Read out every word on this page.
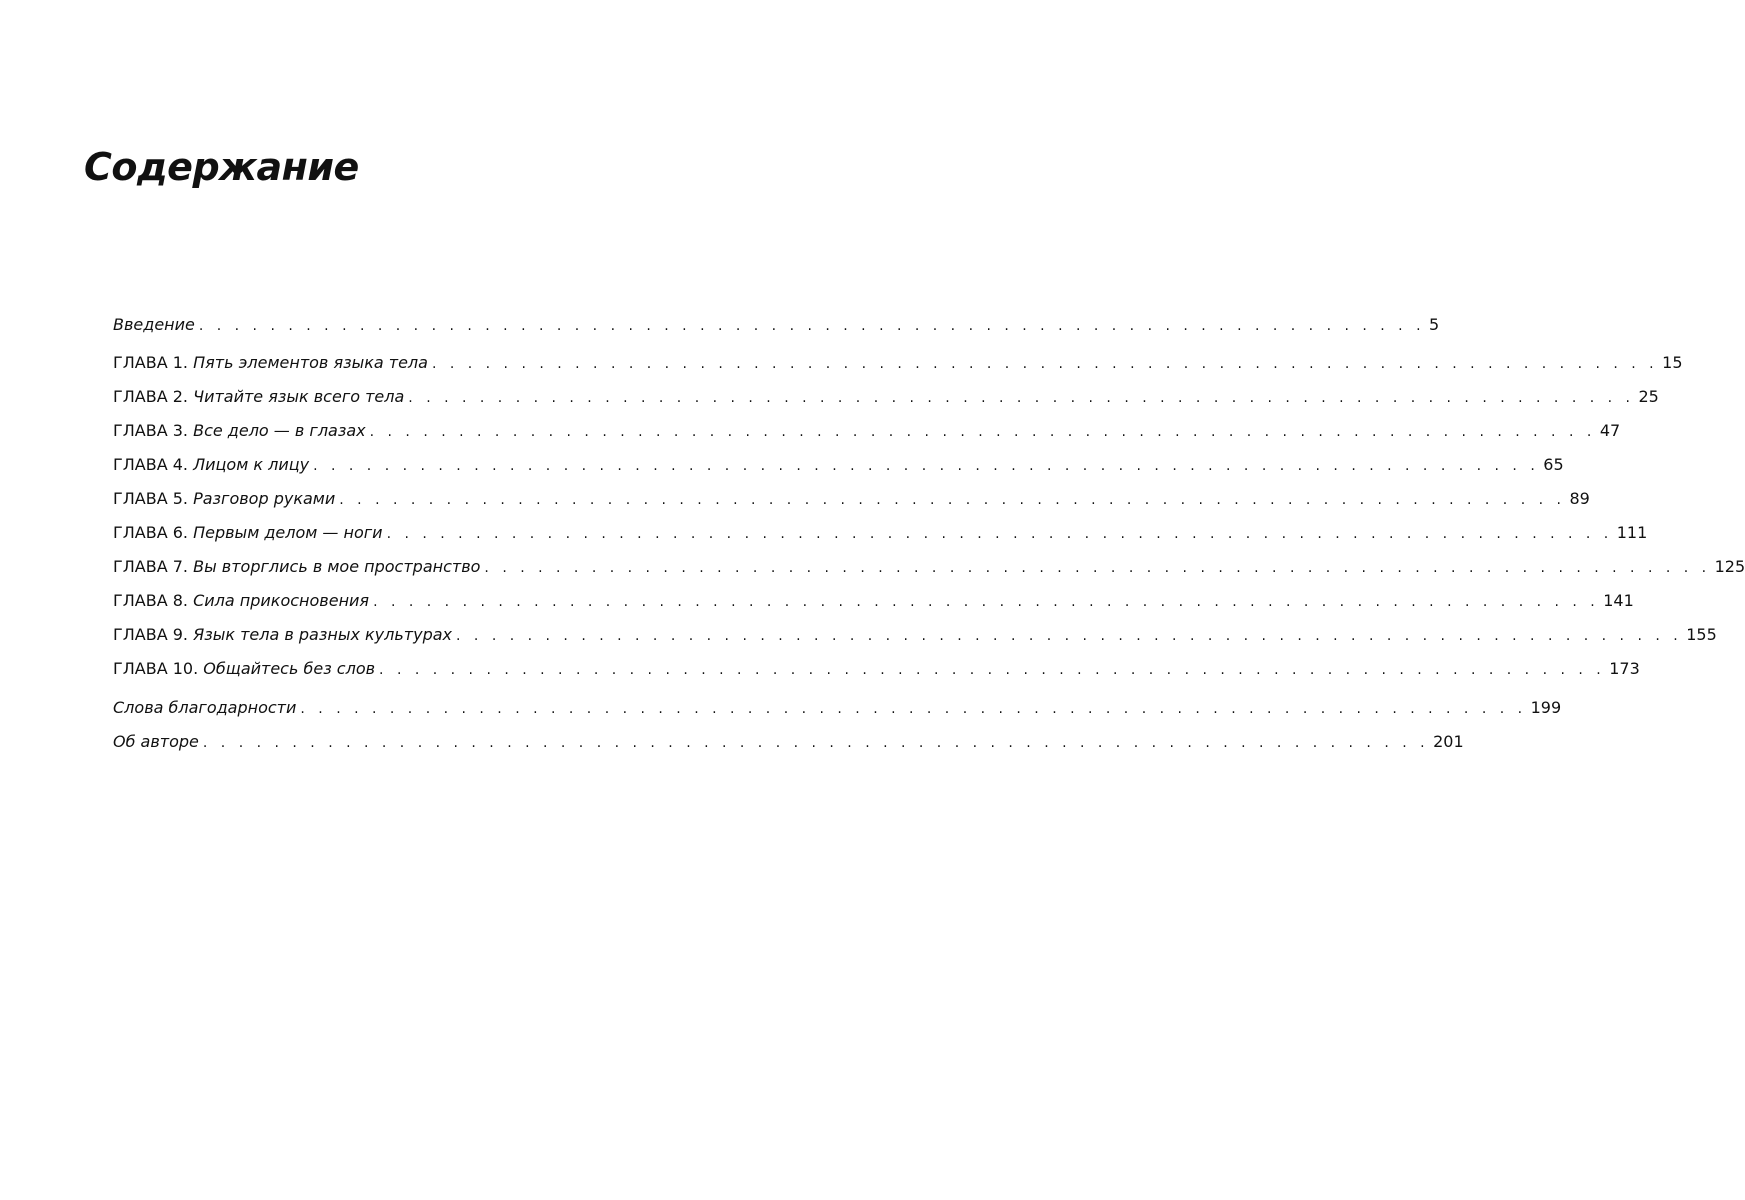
Содержание
Введение . . . . . . . . . . . . . . . . . . . . . . . . . . . . . . . . . . . . . . . . . . . . . . . . . . . . . . . . . . . . . . . . . . . . . 5
ГЛАВА 1. Пять элементов языка тела . . . . . . . . . . . . . . . . . . . . . . . . . . . . . . . . . . . . . . . . . . . . . . . . . . . . . . . . . . . . . . . . . . . . . 15
ГЛАВА 2. Читайте язык всего тела . . . . . . . . . . . . . . . . . . . . . . . . . . . . . . . . . . . . . . . . . . . . . . . . . . . . . . . . . . . . . . . . . . . . . 25
ГЛАВА 3. Все дело — в глазах . . . . . . . . . . . . . . . . . . . . . . . . . . . . . . . . . . . . . . . . . . . . . . . . . . . . . . . . . . . . . . . . . . . . . 47
ГЛАВА 4. Лицом к лицу . . . . . . . . . . . . . . . . . . . . . . . . . . . . . . . . . . . . . . . . . . . . . . . . . . . . . . . . . . . . . . . . . . . . . 65
ГЛАВА 5. Разговор руками . . . . . . . . . . . . . . . . . . . . . . . . . . . . . . . . . . . . . . . . . . . . . . . . . . . . . . . . . . . . . . . . . . . . . 89
ГЛАВА 6. Первым делом — ноги . . . . . . . . . . . . . . . . . . . . . . . . . . . . . . . . . . . . . . . . . . . . . . . . . . . . . . . . . . . . . . . . . . . . . 111
ГЛАВА 7. Вы вторглись в мое пространство . . . . . . . . . . . . . . . . . . . . . . . . . . . . . . . . . . . . . . . . . . . . . . . . . . . . . . . . . . . . . . . . . . . . . 125
ГЛАВА 8. Сила прикосновения . . . . . . . . . . . . . . . . . . . . . . . . . . . . . . . . . . . . . . . . . . . . . . . . . . . . . . . . . . . . . . . . . . . . . 141
ГЛАВА 9. Язык тела в разных культурах . . . . . . . . . . . . . . . . . . . . . . . . . . . . . . . . . . . . . . . . . . . . . . . . . . . . . . . . . . . . . . . . . . . . . 155
ГЛАВА 10. Общайтесь без слов . . . . . . . . . . . . . . . . . . . . . . . . . . . . . . . . . . . . . . . . . . . . . . . . . . . . . . . . . . . . . . . . . . . . . 173
Слова благодарности . . . . . . . . . . . . . . . . . . . . . . . . . . . . . . . . . . . . . . . . . . . . . . . . . . . . . . . . . . . . . . . . . . . . . 199
Об авторе . . . . . . . . . . . . . . . . . . . . . . . . . . . . . . . . . . . . . . . . . . . . . . . . . . . . . . . . . . . . . . . . . . . . . 201
